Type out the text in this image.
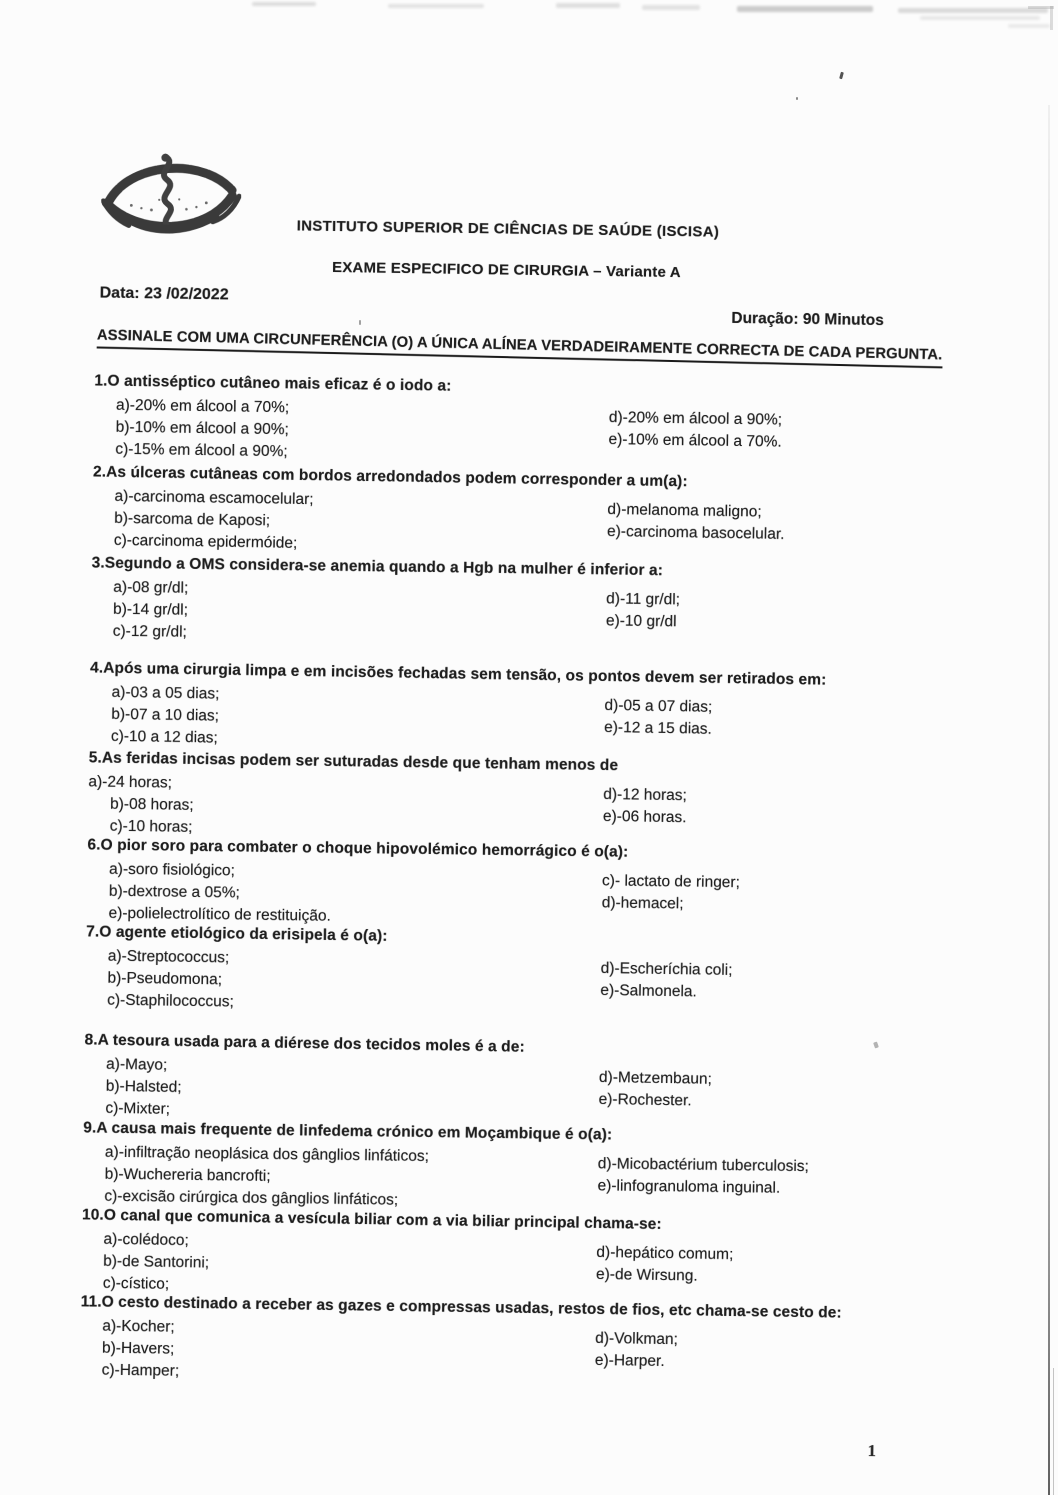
INSTITUTO SUPERIOR DE CIÊNCIAS DE SAÚDE (ISCISA)
EXAME ESPECIFICO DE CIRURGIA – Variante A
Data: 23 /02/2022
Duração: 90 Minutos
ASSINALE COM UMA CIRCUNFERÊNCIA (O) A ÚNICA ALÍNEA VERDADEIRAMENTE CORRECTA DE CADA PERGUNTA.
1.O antisséptico cutâneo mais eficaz é o iodo a:
a)-20% em álcool a 70%;
b)-10% em álcool a 90%;
c)-15% em álcool a 90%;
d)-20% em álcool a 90%;
e)-10% em álcool a 70%.
2.As úlceras cutâneas com bordos arredondados podem corresponder a um(a):
a)-carcinoma escamocelular;
b)-sarcoma de Kaposi;
c)-carcinoma epidermóide;
d)-melanoma maligno;
e)-carcinoma basocelular.
3.Segundo a OMS considera-se anemia quando a Hgb na mulher é inferior a:
a)-08 gr/dl;
b)-14 gr/dl;
c)-12 gr/dl;
d)-11 gr/dl;
e)-10 gr/dl
4.Após uma cirurgia limpa e em incisões fechadas sem tensão, os pontos devem ser retirados em:
a)-03 a 05 dias;
b)-07 a 10 dias;
c)-10 a 12 dias;
d)-05 a 07 dias;
e)-12 a 15 dias.
5.As feridas incisas podem ser suturadas desde que tenham menos de
a)-24 horas;
b)-08 horas;
c)-10 horas;
d)-12 horas;
e)-06 horas.
6.O pior soro para combater o choque hipovolémico hemorrágico é o(a):
a)-soro fisiológico;
b)-dextrose a 05%;
e)-polielectrolítico de restituição.
c)- lactato de ringer;
d)-hemacel;
7.O agente etiológico da erisipela é o(a):
a)-Streptococcus;
b)-Pseudomona;
c)-Staphilococcus;
d)-Escheríchia coli;
e)-Salmonela.
8.A tesoura usada para a diérese dos tecidos moles é a de:
a)-Mayo;
b)-Halsted;
c)-Mixter;
d)-Metzembaun;
e)-Rochester.
9.A causa mais frequente de linfedema crónico em Moçambique é o(a):
a)-infiltração neoplásica dos gânglios linfáticos;
b)-Wuchereria bancrofti;
c)-excisão cirúrgica dos gânglios linfáticos;
d)-Micobactérium tuberculosis;
e)-linfogranuloma inguinal.
10.O canal que comunica a vesícula biliar com a via biliar principal chama-se:
a)-colédoco;
b)-de Santorini;
c)-cístico;
d)-hepático comum;
e)-de Wirsung.
11.O cesto destinado a receber as gazes e compressas usadas, restos de fios, etc chama-se cesto de:
a)-Kocher;
b)-Havers;
c)-Hamper;
d)-Volkman;
e)-Harper.
1
